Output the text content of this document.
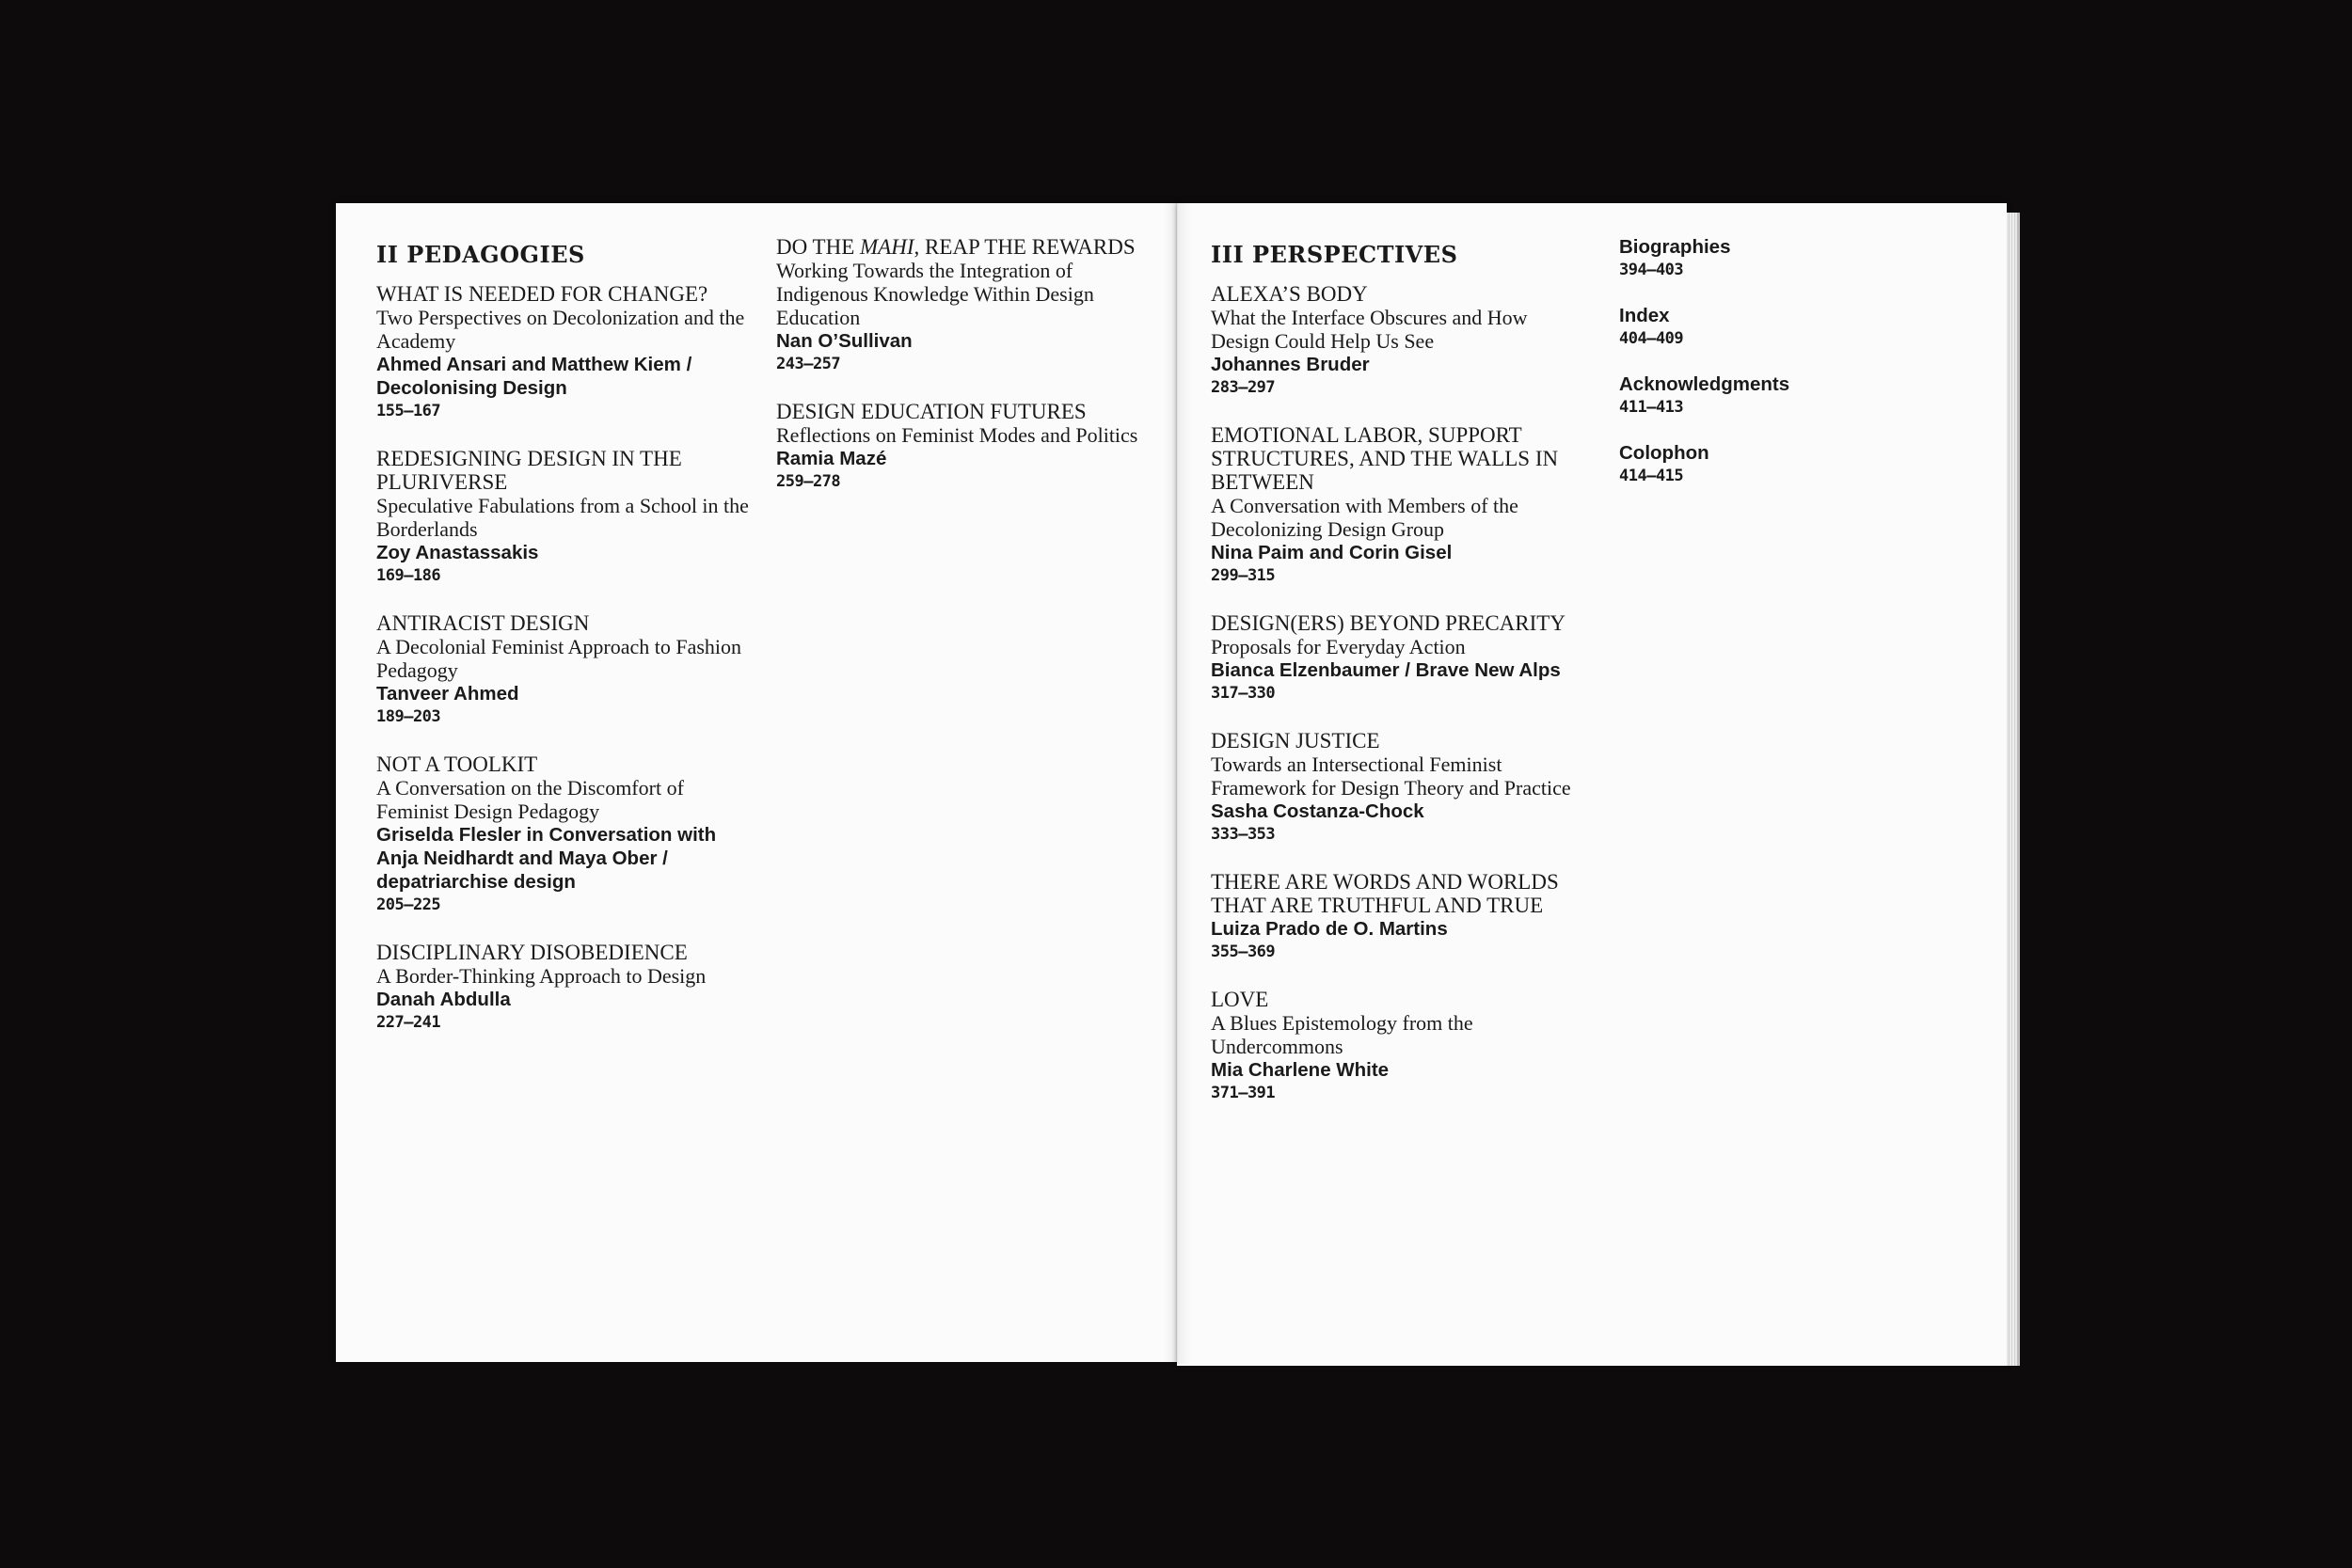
II PEDAGOGIES
WHAT IS NEEDED FOR CHANGE?
Two Perspectives on Decolonization and the Academy
Ahmed Ansari and Matthew Kiem / Decolonising Design
155–167
REDESIGNING DESIGN IN THE PLURIVERSE
Speculative Fabulations from a School in the Borderlands
Zoy Anastassakis
169–186
ANTIRACIST DESIGN
A Decolonial Feminist Approach to Fashion Pedagogy
Tanveer Ahmed
189–203
NOT A TOOLKIT
A Conversation on the Discomfort of Feminist Design Pedagogy
Griselda Flesler in Conversation with Anja Neidhardt and Maya Ober / depatriarchise design
205–225
DISCIPLINARY DISOBEDIENCE
A Border-Thinking Approach to Design
Danah Abdulla
227–241
DO THE MAHI, REAP THE REWARDS
Working Towards the Integration of Indigenous Knowledge Within Design Education
Nan O’Sullivan
243–257
DESIGN EDUCATION FUTURES
Reflections on Feminist Modes and Politics
Ramia Mazé
259–278
III PERSPECTIVES
ALEXA’S BODY
What the Interface Obscures and How Design Could Help Us See
Johannes Bruder
283–297
EMOTIONAL LABOR, SUPPORT STRUCTURES, AND THE WALLS IN BETWEEN
A Conversation with Members of the Decolonizing Design Group
Nina Paim and Corin Gisel
299–315
DESIGN(ERS) BEYOND PRECARITY
Proposals for Everyday Action
Bianca Elzenbaumer / Brave New Alps
317–330
DESIGN JUSTICE
Towards an Intersectional Feminist Framework for Design Theory and Practice
Sasha Costanza-Chock
333–353
THERE ARE WORDS AND WORLDS THAT ARE TRUTHFUL AND TRUE
Luiza Prado de O. Martins
355–369
LOVE
A Blues Epistemology from the Undercommons
Mia Charlene White
371–391
Biographies
394–403
Index
404–409
Acknowledgments
411–413
Colophon
414–415
